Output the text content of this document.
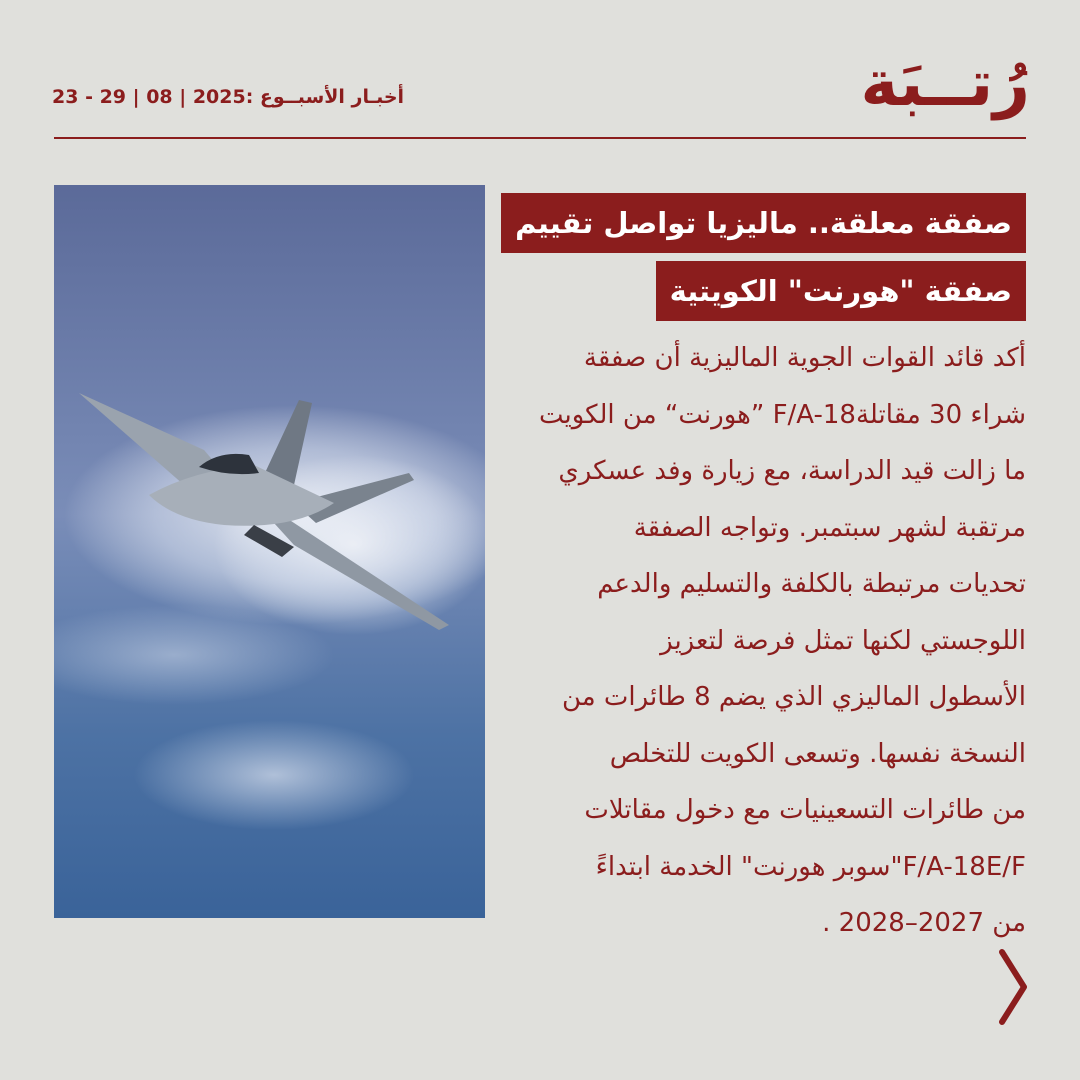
رُتــبَة
أخبـار الأسبــوع :2025 | 08 | 29 - 23
صفقة معلقة.. ماليزيا تواصل تقييم
صفقة "هورنت" الكويتية
أكد قائد القوات الجوية الماليزية أن صفقة
شراء 30 مقاتلةF/A-18 ”هورنت“ من الكويت
ما زالت قيد الدراسة، مع زيارة وفد عسكري
مرتقبة لشهر سبتمبر. وتواجه الصفقة
تحديات مرتبطة بالكلفة والتسليم والدعم
اللوجستي لكنها تمثل فرصة لتعزيز
الأسطول الماليزي الذي يضم 8 طائرات من
النسخة نفسها. وتسعى الكويت للتخلص
من طائرات التسعينيات مع دخول مقاتلات
F/A-18E/F"سوبر هورنت" الخدمة ابتداءً
من 2027–2028 .
